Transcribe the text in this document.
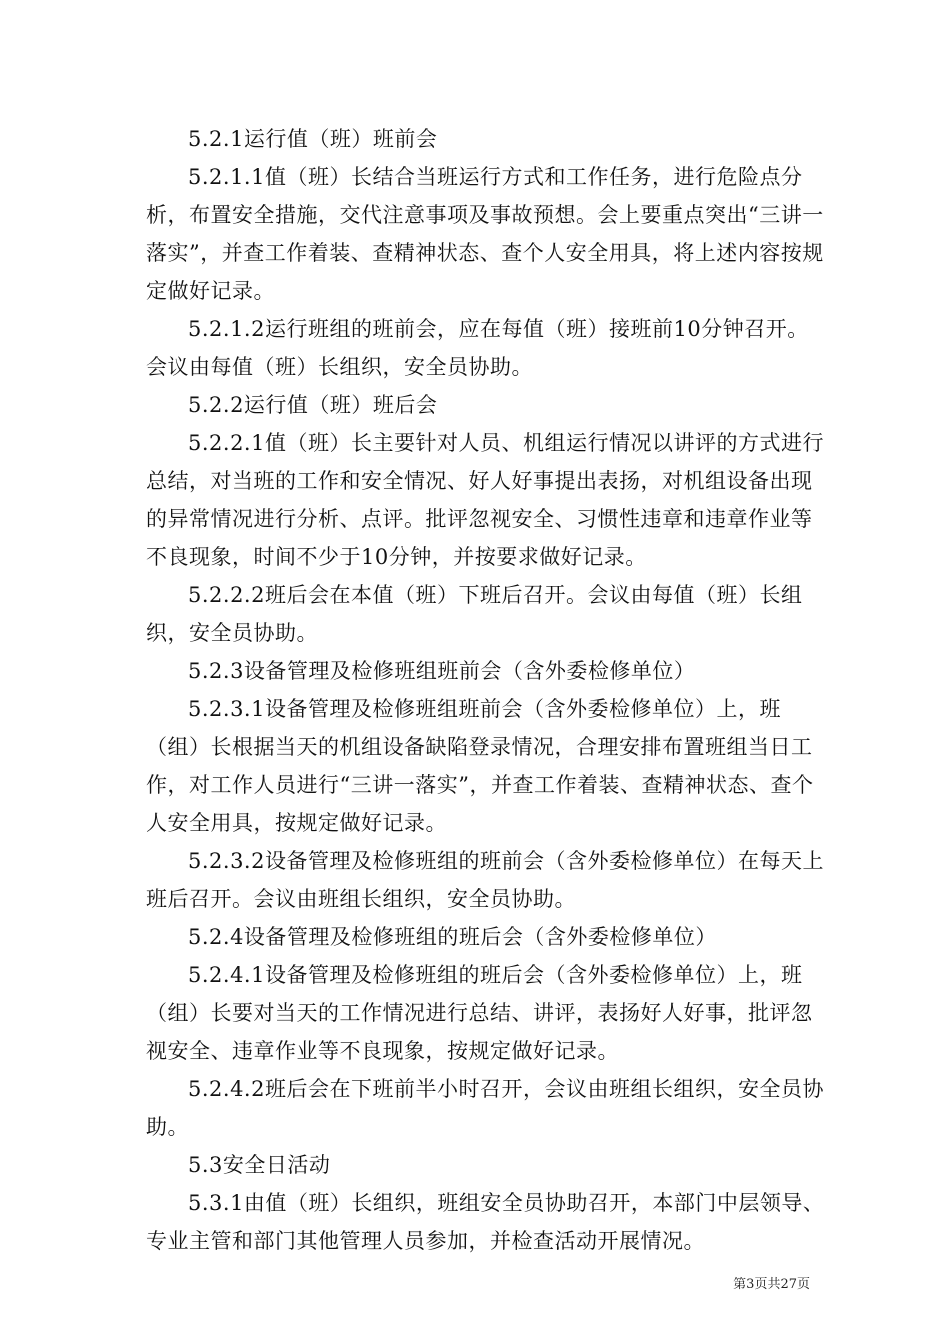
5.2.1运行值（班）班前会

5.2.1.1值（班）长结合当班运行方式和工作任务，进行危险点分析，布置安全措施，交代注意事项及事故预想。会上要重点突出“三讲一落实”，并查工作着装、查精神状态、查个人安全用具，将上述内容按规定做好记录。

5.2.1.2运行班组的班前会，应在每值（班）接班前10分钟召开。会议由每值（班）长组织，安全员协助。

5.2.2运行值（班）班后会

5.2.2.1值（班）长主要针对人员、机组运行情况以讲评的方式进行总结，对当班的工作和安全情况、好人好事提出表扬，对机组设备出现的异常情况进行分析、点评。批评忽视安全、习惯性违章和违章作业等不良现象，时间不少于10分钟，并按要求做好记录。

5.2.2.2班后会在本值（班）下班后召开。会议由每值（班）长组织，安全员协助。

5.2.3设备管理及检修班组班前会（含外委检修单位）

5.2.3.1设备管理及检修班组班前会（含外委检修单位）上，班（组）长根据当天的机组设备缺陷登录情况，合理安排布置班组当日工作，对工作人员进行“三讲一落实”，并查工作着装、查精神状态、查个人安全用具，按规定做好记录。

5.2.3.2设备管理及检修班组的班前会（含外委检修单位）在每天上班后召开。会议由班组长组织，安全员协助。

5.2.4设备管理及检修班组的班后会（含外委检修单位）

5.2.4.1设备管理及检修班组的班后会（含外委检修单位）上，班（组）长要对当天的工作情况进行总结、讲评，表扬好人好事，批评忽视安全、违章作业等不良现象，按规定做好记录。

5.2.4.2班后会在下班前半小时召开，会议由班组长组织，安全员协助。

5.3安全日活动

5.3.1由值（班）长组织，班组安全员协助召开，本部门中层领导、专业主管和部门其他管理人员参加，并检查活动开展情况。

第3页共27页
